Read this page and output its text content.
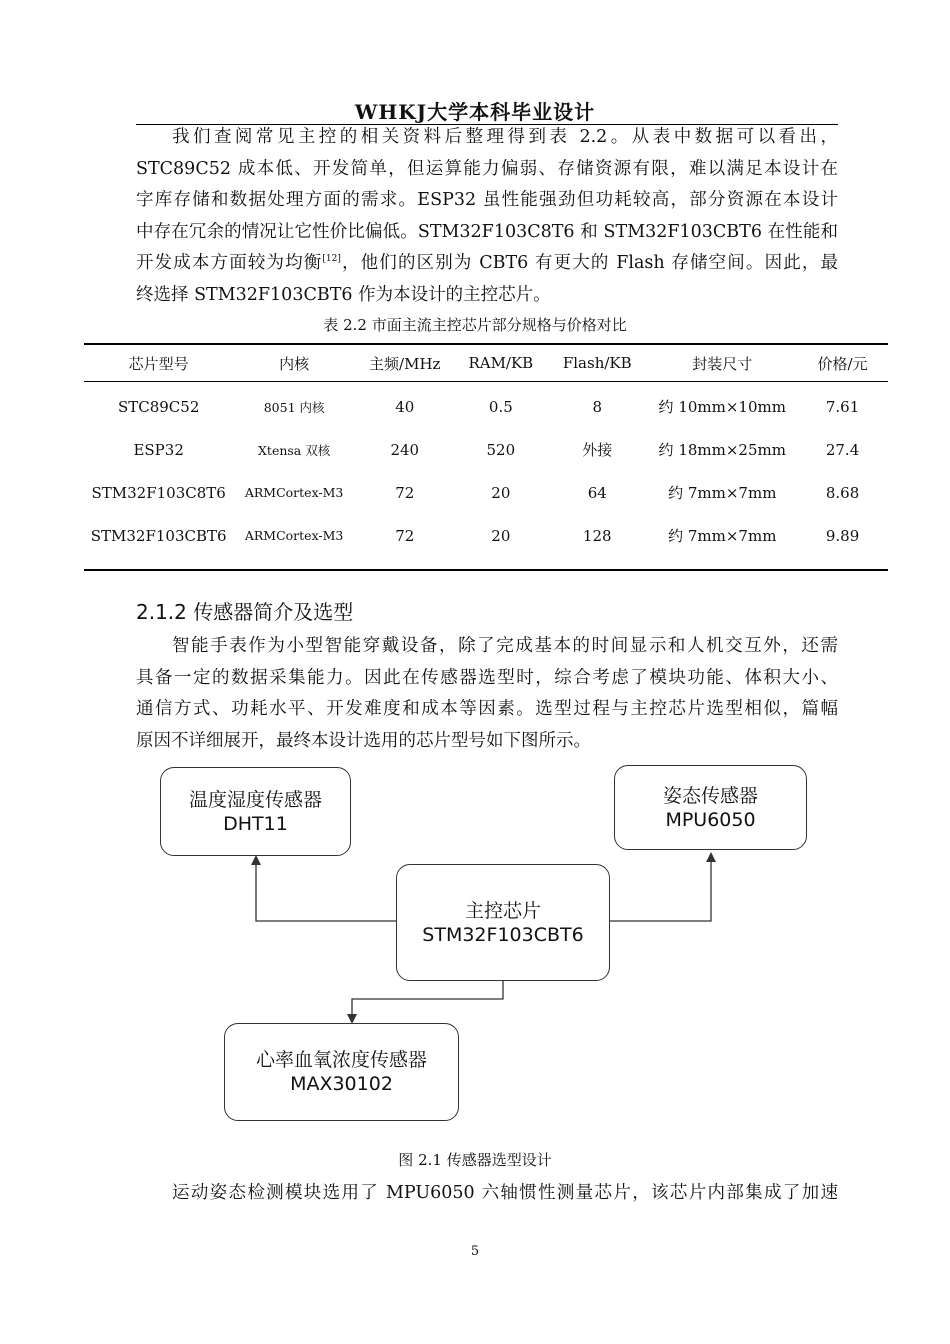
WHKJ大学本科毕业设计
我们查阅常见主控的相关资料后整理得到表 2.2。从表中数据可以看出，
STC89C52 成本低、开发简单，但运算能力偏弱、存储资源有限，难以满足本设计在
字库存储和数据处理方面的需求。ESP32 虽性能强劲但功耗较高，部分资源在本设计
中存在冗余的情况让它性价比偏低。STM32F103C8T6 和 STM32F103CBT6 在性能和
开发成本方面较为均衡[12]，他们的区别为 CBT6 有更大的 Flash 存储空间。因此，最
终选择 STM32F103CBT6 作为本设计的主控芯片。
表 2.2 市面主流主控芯片部分规格与价格对比
芯片型号	内核	主频/MHz	RAM/KB	Flash/KB	封装尺寸	价格/元
STC89C52	8051 内核	40	0.5	8	约 10mm×10mm	7.61
ESP32	Xtensa 双核	240	520	外接	约 18mm×25mm	27.4
STM32F103C8T6	ARMCortex-M3	72	20	64	约 7mm×7mm	8.68
STM32F103CBT6	ARMCortex-M3	72	20	128	约 7mm×7mm	9.89

2.1.2 传感器简介及选型
智能手表作为小型智能穿戴设备，除了完成基本的时间显示和人机交互外，还需
具备一定的数据采集能力。因此在传感器选型时，综合考虑了模块功能、体积大小、
通信方式、功耗水平、开发难度和成本等因素。选型过程与主控芯片选型相似，篇幅
原因不详细展开，最终本设计选用的芯片型号如下图所示。
温度湿度传感器
DHT11
姿态传感器
MPU6050
主控芯片
STM32F103CBT6
心率血氧浓度传感器
MAX30102
图 2.1 传感器选型设计
运动姿态检测模块选用了 MPU6050 六轴惯性测量芯片，该芯片内部集成了加速
5
